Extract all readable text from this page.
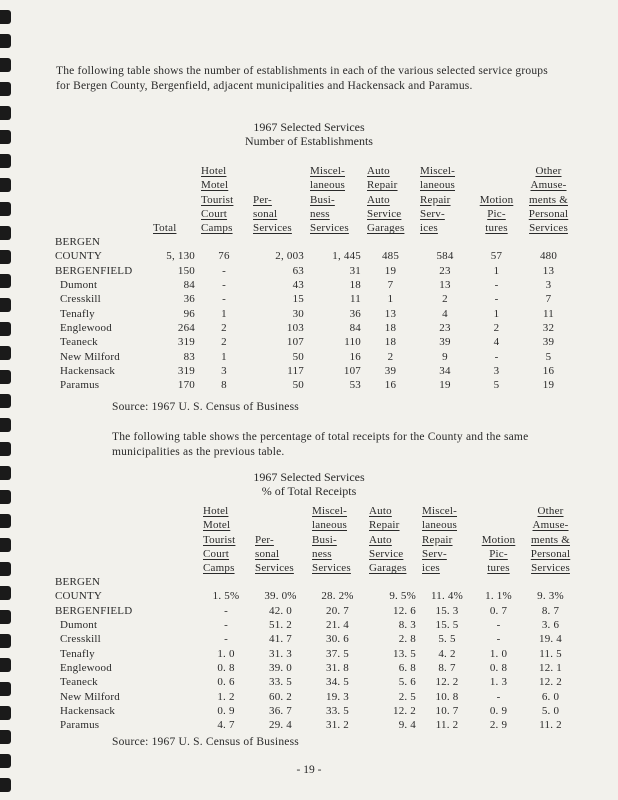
The following table shows the number of establishments in each of the various selected service groups for Bergen County, Bergenfield, adjacent municipalities and Hackensack and Paramus.

1967 Selected Services
Number of Establishments
	Total	Hotel
Motel
Tourist
Court
Camps	Per-
sonal
Services	Miscel-
laneous
Busi-
ness
Services	Auto
Repair
Auto
Service
Garages	Miscel-
laneous
Repair
Serv-
ices	Motion
Pic-
tures	Other
Amuse-
ments &
Personal
Services
BERGEN								
COUNTY	5, 130	76	2, 003	1, 445	485	584	57	480
BERGENFIELD	150	-	63	31	19	23	1	13
Dumont	84	-	43	18	7	13	-	3
Cresskill	36	-	15	11	1	2	-	7
Tenafly	96	1	30	36	13	4	1	11
Englewood	264	2	103	84	18	23	2	32
Teaneck	319	2	107	110	18	39	4	39
New Milford	83	1	50	16	2	9	-	5
Hackensack	319	3	117	107	39	34	3	16
Paramus	170	8	50	53	16	19	5	19
Source: 1967 U. S. Census of Business

The following table shows the percentage of total receipts for the County and the same municipalities as the previous table.

1967 Selected Services
% of Total Receipts
	Hotel
Motel
Tourist
Court
Camps	Per-
sonal
Services	Miscel-
laneous
Busi-
ness
Services	Auto
Repair
Auto
Service
Garages	Miscel-
laneous
Repair
Serv-
ices	Motion
Pic-
tures	Other
Amuse-
ments &
Personal
Services
BERGEN							
COUNTY	1. 5%	39. 0%	28. 2%	9. 5%	11. 4%	1. 1%	9. 3%
BERGENFIELD	-	42. 0	20. 7	12. 6	15. 3	0. 7	8. 7
Dumont	-	51. 2	21. 4	8. 3	15. 5	-	3. 6
Cresskill	-	41. 7	30. 6	2. 8	5. 5	-	19. 4
Tenafly	1. 0	31. 3	37. 5	13. 5	4. 2	1. 0	11. 5
Englewood	0. 8	39. 0	31. 8	6. 8	8. 7	0. 8	12. 1
Teaneck	0. 6	33. 5	34. 5	5. 6	12. 2	1. 3	12. 2
New Milford	1. 2	60. 2	19. 3	2. 5	10. 8	-	6. 0
Hackensack	0. 9	36. 7	33. 5	12. 2	10. 7	0. 9	5. 0
Paramus	4. 7	29. 4	31. 2	9. 4	11. 2	2. 9	11. 2
Source: 1967 U. S. Census of Business
- 19 -
